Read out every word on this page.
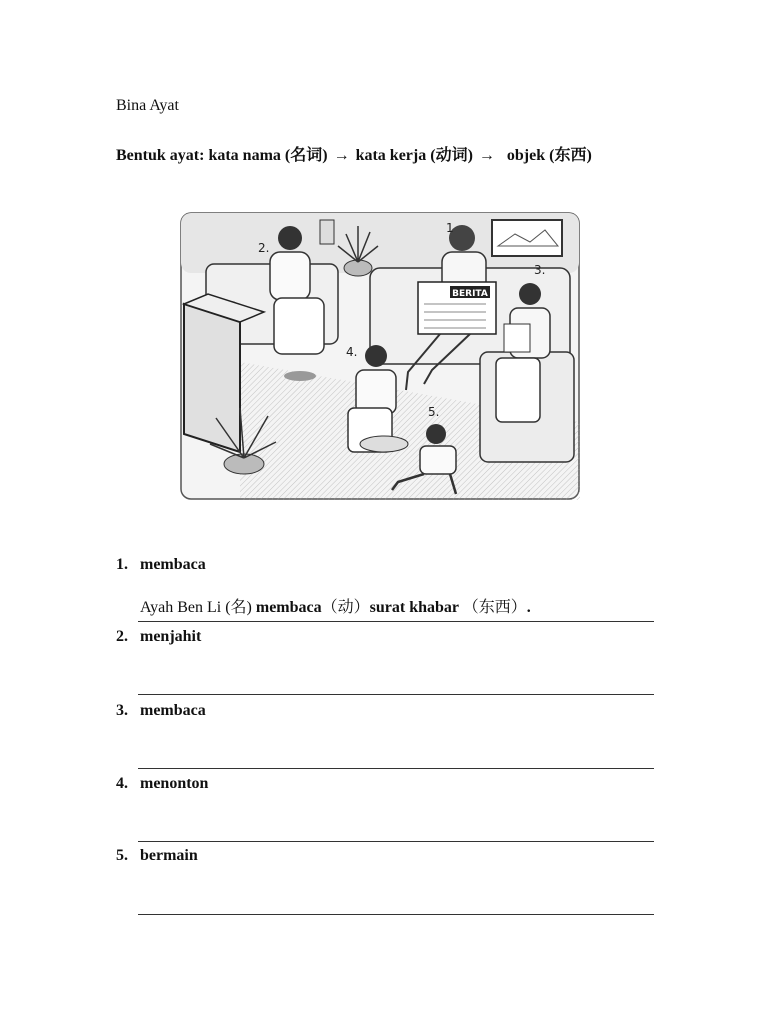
Bina Ayat
Bentuk ayat: kata nama (名词) → kata kerja (动词) → objek (东西)
BERITA
1
2.
3.
4.
5.
1. membaca
Ayah Ben Li (名) membaca（动）surat khabar （东西）.
2. menjahit
3. membaca
4. menonton
5. bermain
